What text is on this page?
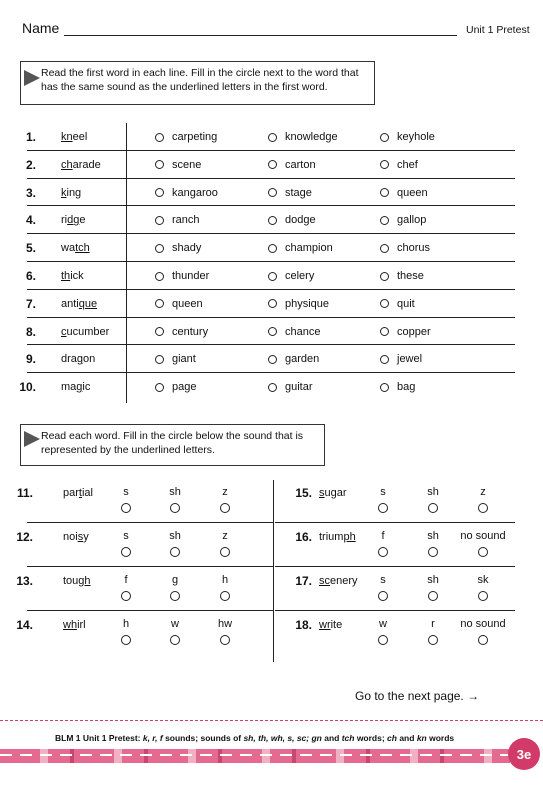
Name	Unit 1 Pretest
Read the first word in each line. Fill in the circle next to the word that has the same sound as the underlined letters in the first word.
1. kneel	carpeting	knowledge	keyhole
2. charade	scene	carton	chef
3. king	kangaroo	stage	queen
4. ridge	ranch	dodge	gallop
5. watch	shady	champion	chorus
6. thick	thunder	celery	these
7. antique	queen	physique	quit
8. cucumber	century	chance	copper
9. dragon	giant	garden	jewel
10. magic	page	guitar	bag
Read each word. Fill in the circle below the sound that is represented by the underlined letters.
11.	partial	s	sh	z
12.	noisy	s	sh	z
13.	tough	f	g	h
14.	whirl	h	w	hw
15. sugar	s	sh	z
16. triumph	f	sh	no sound
17. scenery	s	sh	sk
18. write	w	r	no sound
Go to the next page. →
BLM 1 Unit 1 Pretest: k, r, f sounds; sounds of sh, th, wh, s, sc; gn and tch words; ch and kn words
3e
